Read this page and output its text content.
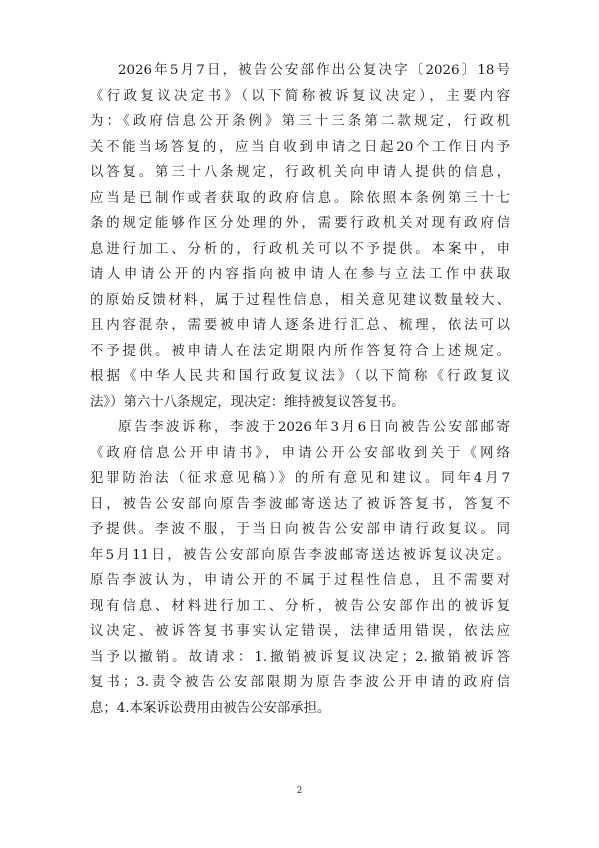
2026年5月7日，被告公安部作出公复决字〔2026〕18号
《行政复议决定书》（以下简称被诉复议决定），主要内容
为：《政府信息公开条例》第三十三条第二款规定，行政机
关不能当场答复的，应当自收到申请之日起20个工作日内予
以答复。第三十八条规定，行政机关向申请人提供的信息，
应当是已制作或者获取的政府信息。除依照本条例第三十七
条的规定能够作区分处理的外，需要行政机关对现有政府信
息进行加工、分析的，行政机关可以不予提供。本案中，申
请人申请公开的内容指向被申请人在参与立法工作中获取
的原始反馈材料，属于过程性信息，相关意见建议数量较大、
且内容混杂，需要被申请人逐条进行汇总、梳理，依法可以
不予提供。被申请人在法定期限内所作答复符合上述规定。
根据《中华人民共和国行政复议法》（以下简称《行政复议
法》）第六十八条规定，现决定：维持被复议答复书。
原告李波诉称，李波于2026年3月6日向被告公安部邮寄
《政府信息公开申请书》，申请公开公安部收到关于《网络
犯罪防治法（征求意见稿）》的所有意见和建议。同年4月7
日，被告公安部向原告李波邮寄送达了被诉答复书，答复不
予提供。李波不服，于当日向被告公安部申请行政复议。同
年5月11日，被告公安部向原告李波邮寄送达被诉复议决定。
原告李波认为，申请公开的不属于过程性信息，且不需要对
现有信息、材料进行加工、分析，被告公安部作出的被诉复
议决定、被诉答复书事实认定错误，法律适用错误，依法应
当予以撤销。故请求：1.撤销被诉复议决定；2.撤销被诉答
复书；3.责令被告公安部限期为原告李波公开申请的政府信
息；4.本案诉讼费用由被告公安部承担。
2
